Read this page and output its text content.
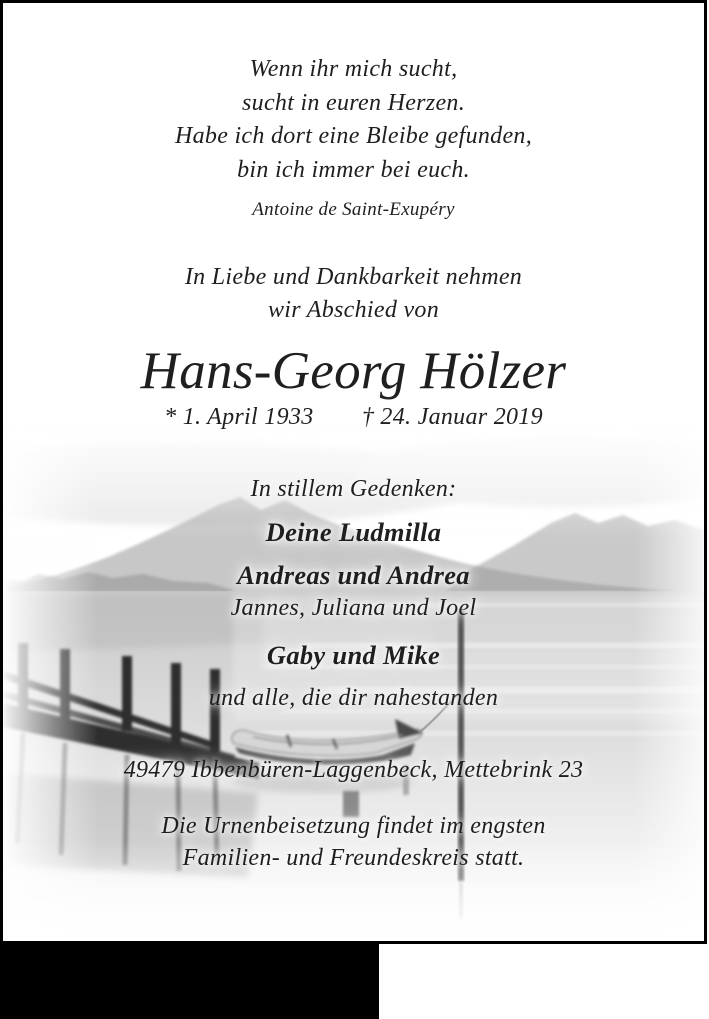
Wenn ihr mich sucht,
sucht in euren Herzen.
Habe ich dort eine Bleibe gefunden,
bin ich immer bei euch.
Antoine de Saint-Exupéry
In Liebe und Dankbarkeit nehmen
wir Abschied von
Hans-Georg Hölzer
* 1. April 1933 † 24. Januar 2019
In stillem Gedenken:
Deine Ludmilla
Andreas und Andrea
Jannes, Juliana und Joel
Gaby und Mike
und alle, die dir nahestanden
49479 Ibbenbüren-Laggenbeck, Mettebrink 23
Die Urnenbeisetzung findet im engsten
Familien- und Freundeskreis statt.
